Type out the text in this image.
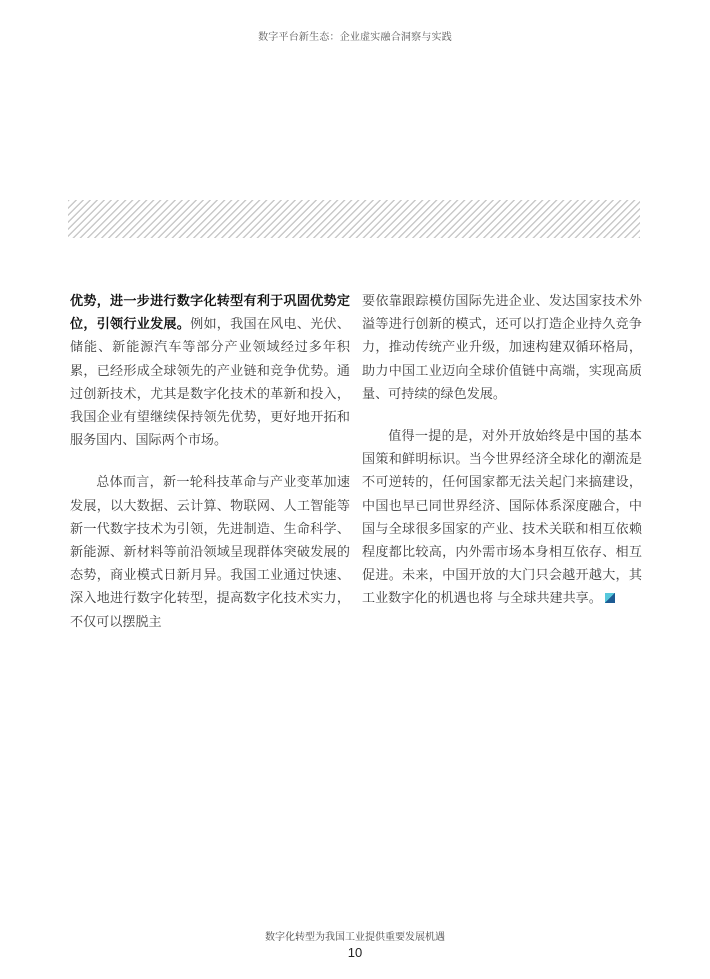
数字平台新生态：企业虚实融合洞察与实践

优势，进一步进行数字化转型有利于巩固优势定位，引领行业发展。例如，我国在风电、光伏、储能、新能源汽车等部分产业领域经过多年积累，已经形成全球领先的产业链和竞争优势。通过创新技术，尤其是数字化技术的革新和投入，我国企业有望继续保持领先优势，更好地开拓和服务国内、国际两个市场。

总体而言，新一轮科技革命与产业变革加速发展，以大数据、云计算、物联网、人工智能等新一代数字技术为引领，先进制造、生命科学、新能源、新材料等前沿领域呈现群体突破发展的态势，商业模式日新月异。我国工业通过快速、深入地进行数字化转型，提高数字化技术实力，不仅可以摆脱主

要依靠跟踪模仿国际先进企业、发达国家技术外溢等进行创新的模式，还可以打造企业持久竞争力，推动传统产业升级，加速构建双循环格局，助力中国工业迈向全球价值链中高端，实现高质量、可持续的绿色发展。

值得一提的是，对外开放始终是中国的基本国策和鲜明标识。当今世界经济全球化的潮流是不可逆转的，任何国家都无法关起门来搞建设，中国也早已同世界经济、国际体系深度融合，中国与全球很多国家的产业、技术关联和相互依赖程度都比较高，内外需市场本身相互依存、相互促进。未来，中国开放的大门只会越开越大，其工业数字化的机遇也将 与全球共建共享。

数字化转型为我国工业提供重要发展机遇
10
